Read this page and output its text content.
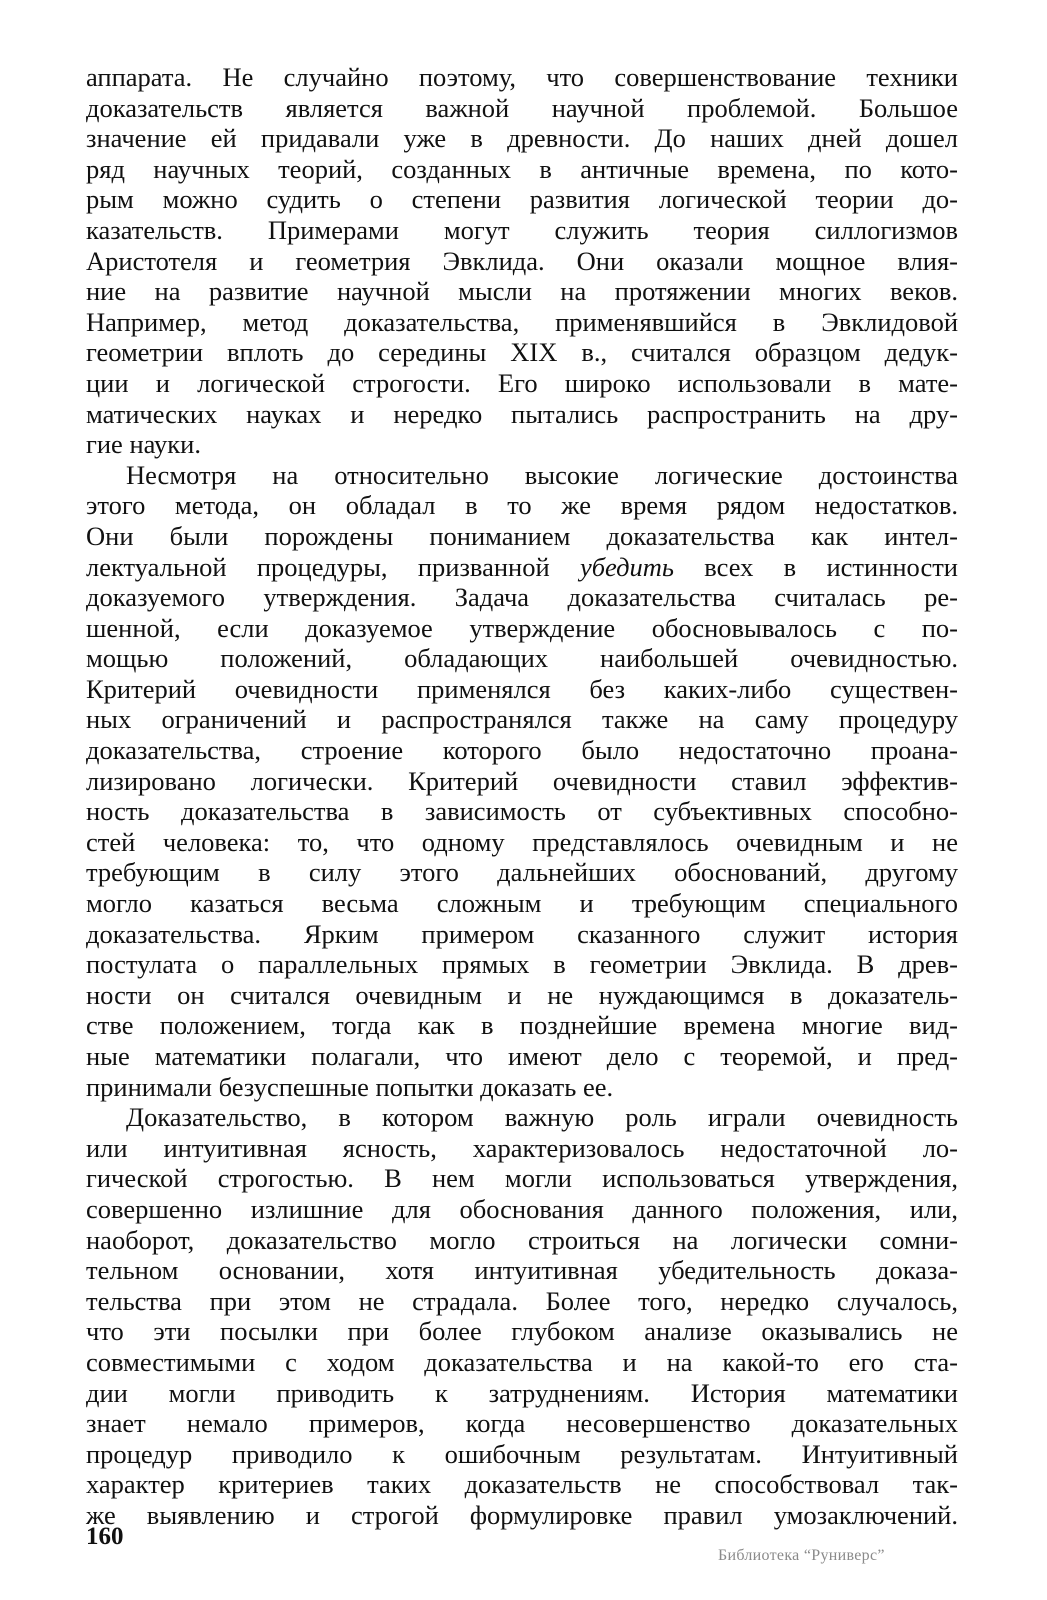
аппарата. Не случайно поэтому, что совершенствование техники
доказательств является важной научной проблемой. Большое
значение ей придавали уже в древности. До наших дней дошел
ряд научных теорий, созданных в античные времена, по кото-
рым можно судить о степени развития логической теории до-
казательств. Примерами могут служить теория силлогизмов
Аристотеля и геометрия Эвклида. Они оказали мощное влия-
ние на развитие научной мысли на протяжении многих веков.
Например, метод доказательства, применявшийся в Эвклидовой
геометрии вплоть до середины XIX в., считался образцом дедук-
ции и логической строгости. Его широко использовали в мате-
матических науках и нередко пытались распространить на дру-
гие науки.
Несмотря на относительно высокие логические достоинства
этого метода, он обладал в то же время рядом недостатков.
Они были порождены пониманием доказательства как интел-
лектуальной процедуры, призванной убедить всех в истинности
доказуемого утверждения. Задача доказательства считалась ре-
шенной, если доказуемое утверждение обосновывалось с по-
мощью положений, обладающих наибольшей очевидностью.
Критерий очевидности применялся без каких-либо существен-
ных ограничений и распространялся также на саму процедуру
доказательства, строение которого было недостаточно проана-
лизировано логически. Критерий очевидности ставил эффектив-
ность доказательства в зависимость от субъективных способно-
стей человека: то, что одному представлялось очевидным и не
требующим в силу этого дальнейших обоснований, другому
могло казаться весьма сложным и требующим специального
доказательства. Ярким примером сказанного служит история
постулата о параллельных прямых в геометрии Эвклида. В древ-
ности он считался очевидным и не нуждающимся в доказатель-
стве положением, тогда как в позднейшие времена многие вид-
ные математики полагали, что имеют дело с теоремой, и пред-
принимали безуспешные попытки доказать ее.
Доказательство, в котором важную роль играли очевидность
или интуитивная ясность, характеризовалось недостаточной ло-
гической строгостью. В нем могли использоваться утверждения,
совершенно излишние для обоснования данного положения, или,
наоборот, доказательство могло строиться на логически сомни-
тельном основании, хотя интуитивная убедительность доказа-
тельства при этом не страдала. Более того, нередко случалось,
что эти посылки при более глубоком анализе оказывались не
совместимыми с ходом доказательства и на какой-то его ста-
дии могли приводить к затруднениям. История математики
знает немало примеров, когда несовершенство доказательных
процедур приводило к ошибочным результатам. Интуитивный
характер критериев таких доказательств не способствовал так-
же выявлению и строгой формулировке правил умозаключений.
160
Библиотека “Руниверс”
